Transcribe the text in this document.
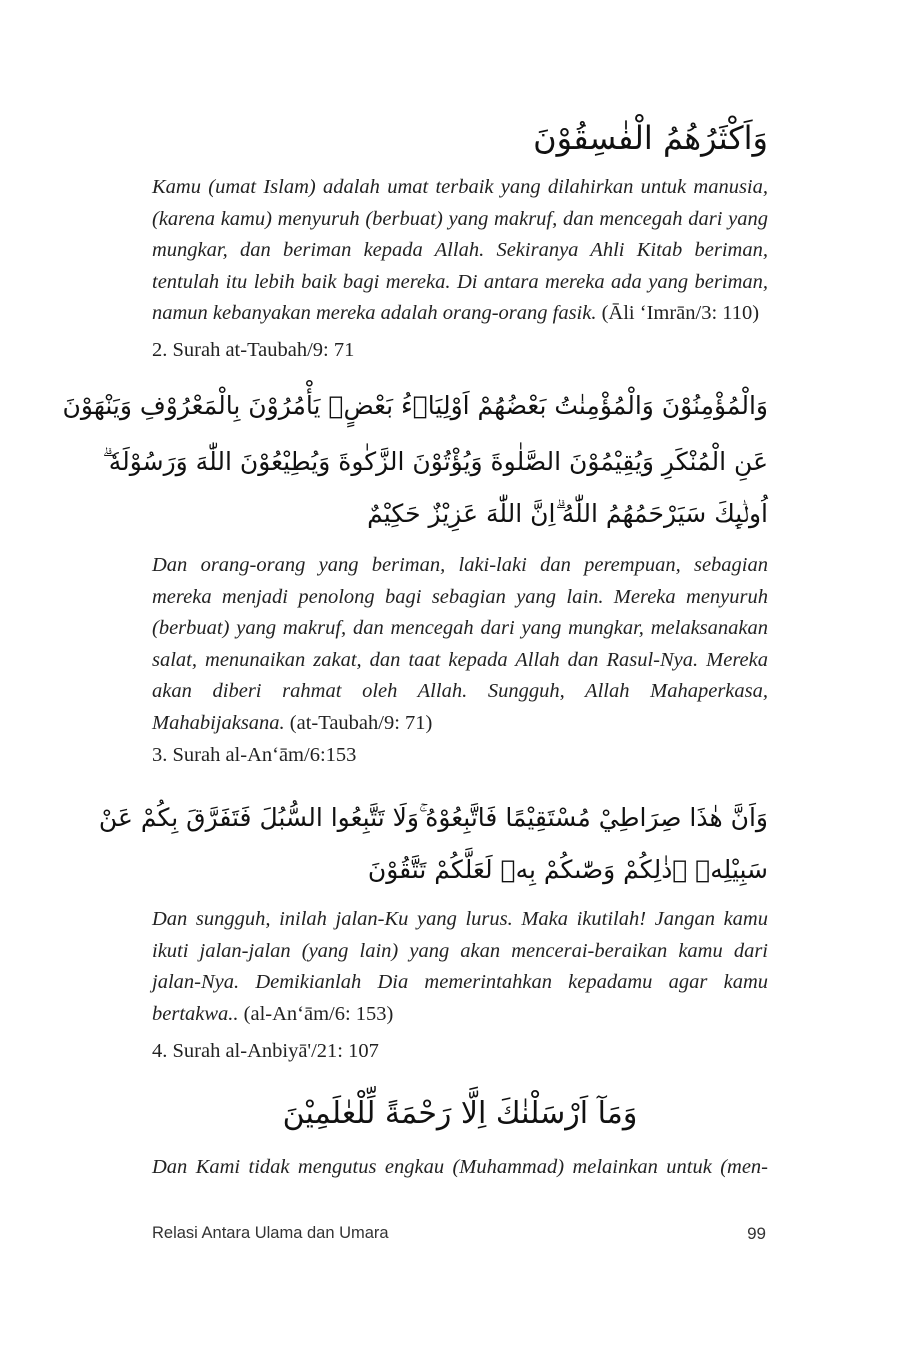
وَاَكْثَرُهُمُ الْفٰسِقُوْنَ
Kamu (umat Islam) adalah umat terbaik yang dilahirkan untuk manusia, (karena kamu) menyuruh (berbuat) yang makruf, dan mencegah dari yang mungkar, dan beriman kepada Allah. Sekiranya Ahli Kitab beriman, tentulah itu lebih baik bagi mereka. Di antara mereka ada yang beriman, namun kebanyakan mereka adalah orang-orang fasik. (Āli ʻImrān/3: 110)
2. Surah at-Taubah/9: 71
وَالْمُؤْمِنُوْنَ وَالْمُؤْمِنٰتُ بَعْضُهُمْ اَوْلِيَاۤءُ بَعْضٍۘ يَأْمُرُوْنَ بِالْمَعْرُوْفِ وَيَنْهَوْنَ
عَنِ الْمُنْكَرِ وَيُقِيْمُوْنَ الصَّلٰوةَ وَيُؤْتُوْنَ الزَّكٰوةَ وَيُطِيْعُوْنَ اللّٰهَ وَرَسُوْلَهٗ ۗ
اُولٰۤىِٕكَ سَيَرْحَمُهُمُ اللّٰهُ ۗاِنَّ اللّٰهَ عَزِيْزٌ حَكِيْمٌ
Dan orang-orang yang beriman, laki-laki dan perempuan, sebagian mereka menjadi penolong bagi sebagian yang lain. Mereka menyuruh (berbuat) yang makruf, dan mencegah dari yang mungkar, melaksanakan salat, menunaikan zakat, dan taat kepada Allah dan Rasul-Nya. Mereka akan diberi rahmat oleh Allah. Sungguh, Allah Mahaperkasa, Mahabijaksana. (at-Taubah/9: 71)
3. Surah al-Anʻām/6:153
وَاَنَّ هٰذَا صِرَاطِيْ مُسْتَقِيْمًا فَاتَّبِعُوْهُ ۚوَلَا تَتَّبِعُوا السُّبُلَ فَتَفَرَّقَ بِكُمْ عَنْ
سَبِيْلِهٖ ۗذٰلِكُمْ وَصّٰىكُمْ بِهٖ لَعَلَّكُمْ تَتَّقُوْنَ
Dan sungguh, inilah jalan-Ku yang lurus. Maka ikutilah! Jangan kamu ikuti jalan-jalan (yang lain) yang akan mencerai-beraikan kamu dari jalan-Nya. Demikianlah Dia memerintahkan kepadamu agar kamu bertakwa.. (al-Anʻām/6: 153)
4. Surah al-Anbiyā'/21: 107
وَمَآ اَرْسَلْنٰكَ اِلَّا رَحْمَةً لِّلْعٰلَمِيْنَ
Dan Kami tidak mengutus engkau (Muhammad) melainkan untuk (men-
Relasi Antara Ulama dan Umara	99
